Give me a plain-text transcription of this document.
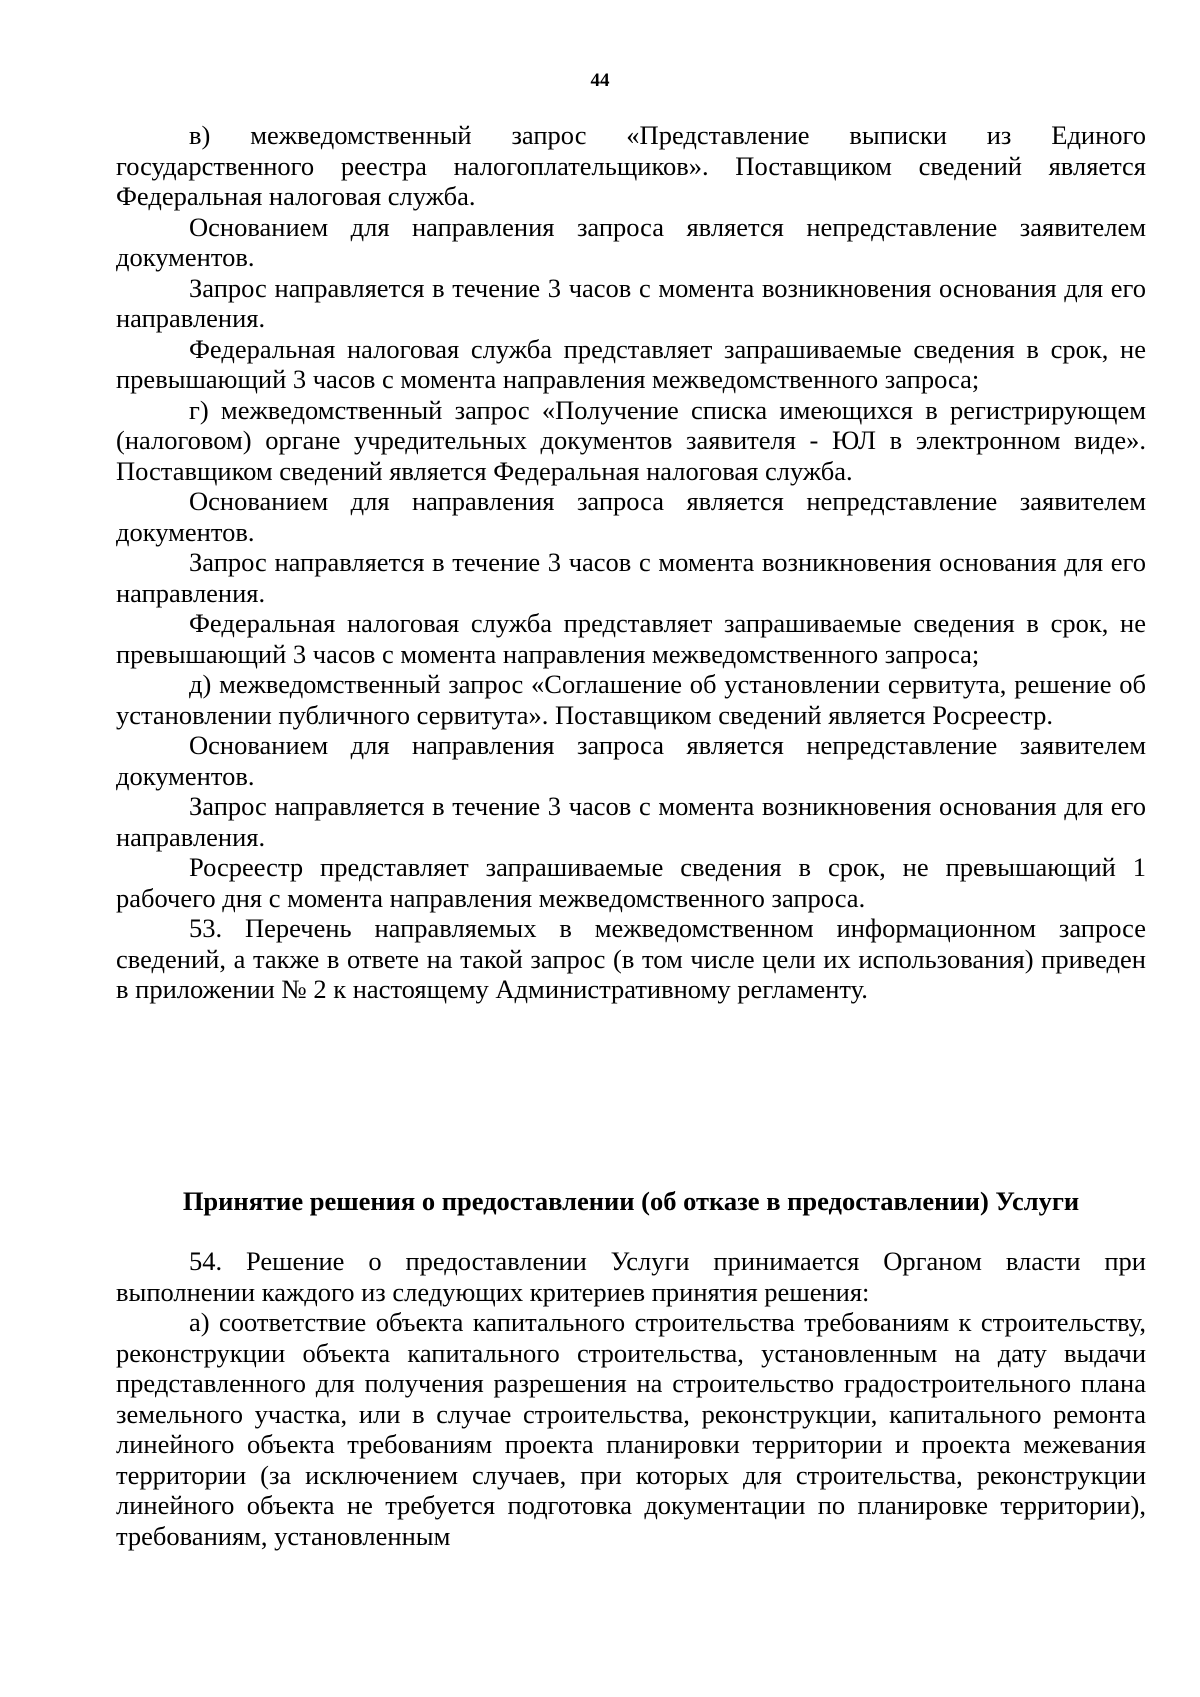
44

в) межведомственный запрос «Представление выписки из Единого государственного реестра налогоплательщиков». Поставщиком сведений является Федеральная налоговая служба.

Основанием для направления запроса является непредставление заявителем документов.

Запрос направляется в течение 3 часов с момента возникновения основания для его направления.

Федеральная налоговая служба представляет запрашиваемые сведения в срок, не превышающий 3 часов с момента направления межведомственного запроса;

г) межведомственный запрос «Получение списка имеющихся в регистрирующем (налоговом) органе учредительных документов заявителя - ЮЛ в электронном виде». Поставщиком сведений является Федеральная налоговая служба.

Основанием для направления запроса является непредставление заявителем документов.

Запрос направляется в течение 3 часов с момента возникновения основания для его направления.

Федеральная налоговая служба представляет запрашиваемые сведения в срок, не превышающий 3 часов с момента направления межведомственного запроса;

д) межведомственный запрос «Соглашение об установлении сервитута, решение об установлении публичного сервитута». Поставщиком сведений является Росреестр.

Основанием для направления запроса является непредставление заявителем документов.

Запрос направляется в течение 3 часов с момента возникновения основания для его направления.

Росреестр представляет запрашиваемые сведения в срок, не превышающий 1 рабочего дня с момента направления межведомственного запроса.

53. Перечень направляемых в межведомственном информационном запросе сведений, а также в ответе на такой запрос (в том числе цели их использования) приведен в приложении № 2 к настоящему Административному регламенту.

Принятие решения о предоставлении (об отказе в предоставлении) Услуги

54. Решение о предоставлении Услуги принимается Органом власти при выполнении каждого из следующих критериев принятия решения:

а) соответствие объекта капитального строительства требованиям к строительству, реконструкции объекта капитального строительства, установленным на дату выдачи представленного для получения разрешения на строительство градостроительного плана земельного участка, или в случае строительства, реконструкции, капитального ремонта линейного объекта требованиям проекта планировки территории и проекта межевания территории (за исключением случаев, при которых для строительства, реконструкции линейного объекта не требуется подготовка документации по планировке территории), требованиям, установленным
